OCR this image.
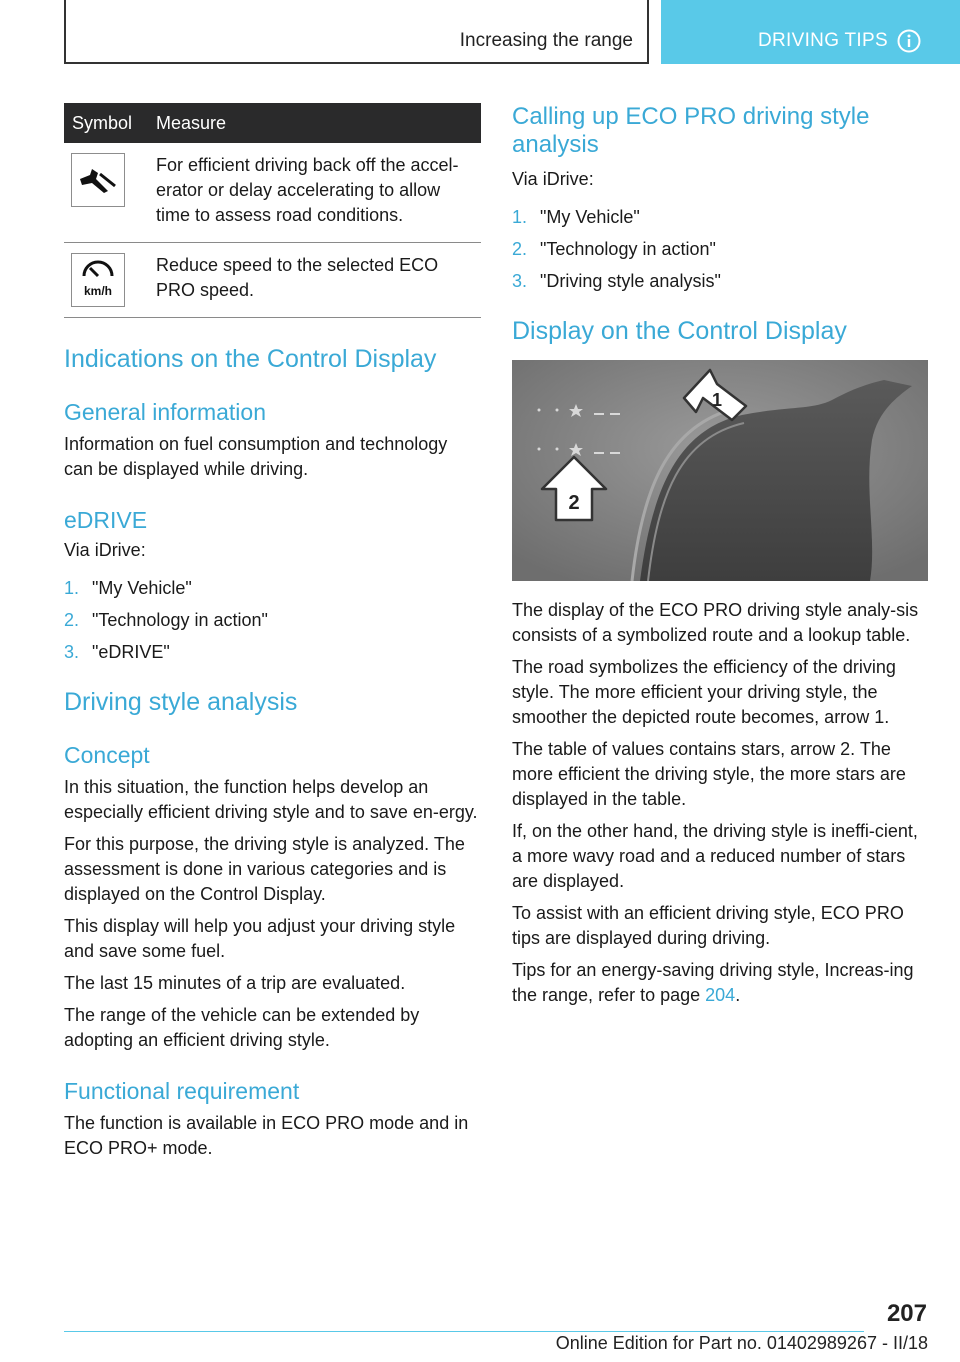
Increasing the range	DRIVING TIPS
Symbol	Measure

	For efficient driving back off the accel-erator or delay accelerating to allow time to assess road conditions.

km/h	Reduce speed to the selected ECO PRO speed.
Indications on the Control Display
General information

Information on fuel consumption and technology can be displayed while driving.

eDRIVE

Via iDrive:

1. "My Vehicle"
2. "Technology in action"
3. "eDRIVE"
Driving style analysis
Concept

In this situation, the function helps develop an especially efficient driving style and to save en-ergy.

For this purpose, the driving style is analyzed. The assessment is done in various categories and is displayed on the Control Display.

This display will help you adjust your driving style and save some fuel.

The last 15 minutes of a trip are evaluated.

The range of the vehicle can be extended by adopting an efficient driving style.

Functional requirement

The function is available in ECO PRO mode and in ECO PRO+ mode.

Calling up ECO PRO driving style analysis

Via iDrive:

1. "My Vehicle"
2. "Technology in action"
3. "Driving style analysis"
Display on the Control Display
1
2

The display of the ECO PRO driving style analy-sis consists of a symbolized route and a lookup table.

The road symbolizes the efficiency of the driving style. The more efficient your driving style, the smoother the depicted route becomes, arrow 1.

The table of values contains stars, arrow 2. The more efficient the driving style, the more stars are displayed in the table.

If, on the other hand, the driving style is ineffi-cient, a more wavy road and a reduced number of stars are displayed.

To assist with an efficient driving style, ECO PRO tips are displayed during driving.

Tips for an energy-saving driving style, Increas-ing the range, refer to page 204.

207
Online Edition for Part no. 01402989267 - II/18
